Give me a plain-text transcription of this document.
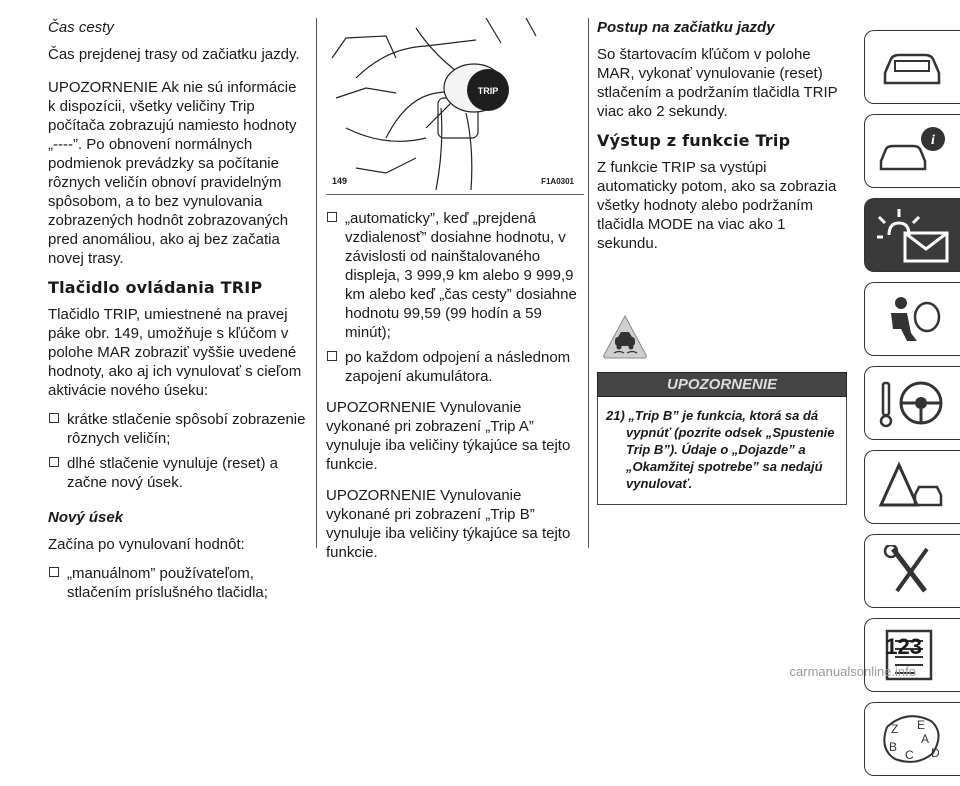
Čas cesty

Čas prejdenej trasy od začiatku jazdy.

UPOZORNENIE Ak nie sú informácie k dispozícii, všetky veličiny Trip počítača zobrazujú namiesto hodnoty „----”. Po obnovení normálnych podmienok prevádzky sa počítanie rôznych veličín obnoví pravidelným spôsobom, a to bez vynulovania zobrazených hodnôt zobrazovaných pred anomáliou, ako aj bez začatia novej trasy.

Tlačidlo ovládania TRIP

Tlačidlo TRIP, umiestnené na pravej páke obr. 149, umožňuje s kľúčom v polohe MAR zobraziť vyššie uvedené hodnoty, ako aj ich vynulovať s cieľom aktivácie nového úseku:

krátke stlačenie spôsobí zobrazenie rôznych veličín;
dlhé stlačenie vynuluje (reset) a začne nový úsek.

Nový úsek

Začína po vynulovaní hodnôt:

„manuálnom” používateľom, stlačením príslušného tlačidla;
TRIP
149	F1A0301
„automaticky”, keď „prejdená vzdialenosť” dosiahne hodnotu, v závislosti od nainštalovaného displeja, 3 999,9 km alebo 9 999,9 km alebo keď „čas cesty” dosiahne hodnotu 99,59 (99 hodín a 59 minút);
po každom odpojení a následnom zapojení akumulátora.

UPOZORNENIE Vynulovanie vykonané pri zobrazení „Trip A” vynuluje iba veličiny týkajúce sa tejto funkcie.

UPOZORNENIE Vynulovanie vykonané pri zobrazení „Trip B” vynuluje iba veličiny týkajúce sa tejto funkcie.

Postup na začiatku jazdy

So štartovacím kľúčom v polohe MAR, vykonať vynulovanie (reset) stlačením a podržaním tlačidla TRIP viac ako 2 sekundy.

Výstup z funkcie Trip

Z funkcie TRIP sa vystúpi automaticky potom, ako sa zobrazia všetky hodnoty alebo podržaním tlačidla MODE na viac ako 1 sekundu.

UPOZORNENIE
21) „Trip B” je funkcia, ktorá sa dá vypnúť (pozrite odsek „Spustenie Trip B”). Údaje o „Dojazde” a „Okamžitej spotrebe” sa nedajú vynulovať.
i
Z E
A
B
C D
123
carmanualsonline.info
